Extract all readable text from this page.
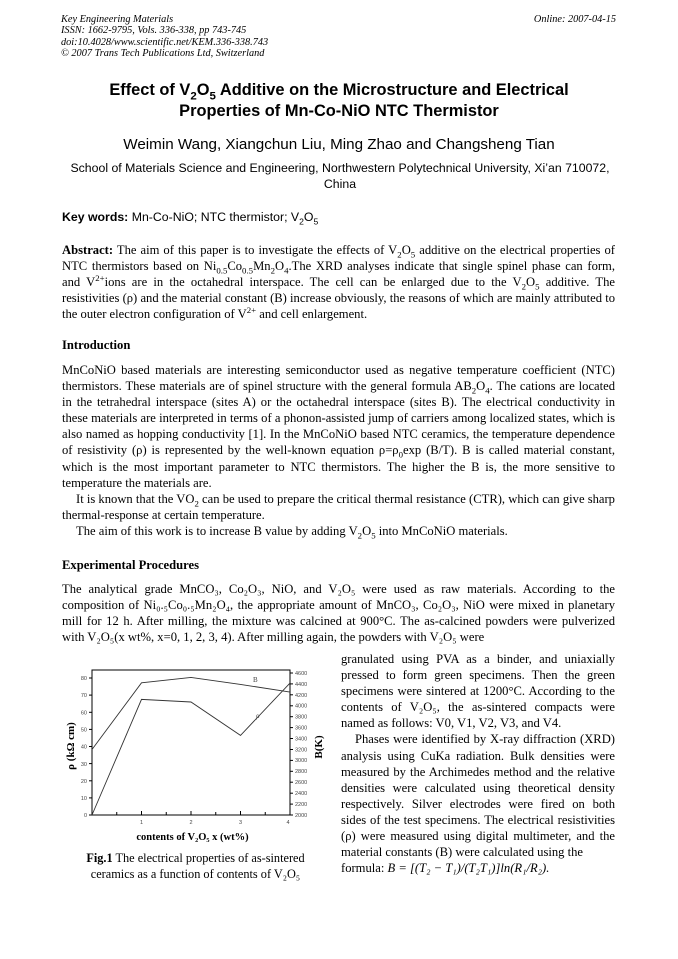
Key Engineering Materials
ISSN: 1662-9795, Vols. 336-338, pp 743-745
doi:10.4028/www.scientific.net/KEM.336-338.743
© 2007 Trans Tech Publications Ltd, Switzerland
Online: 2007-04-15
Effect of $V_2O_5$ Additive on the Microstructure and Electrical
Properties of Mn-Co-NiO NTC Thermistor
Weimin Wang, Xiangchun Liu, Ming Zhao and Changsheng Tian
School of Materials Science and Engineering, Northwestern Polytechnical University, Xi’an 710072, China
Key words: Mn-Co-NiO; NTC thermistor; $V_2O_5$

Abstract: The aim of this paper is to investigate the effects of $V_2O_5$ additive on the electrical properties of NTC thermistors based on $Ni_{0.5}Co_{0.5}Mn_2O_4.The$ XRD analyses indicate that single spinel phase can form, and $V^{2+}ions$ are in the octahedral interspace. The cell can be enlarged due to the $V_2O_5$ additive. The resistivities (ρ) and the material constant (B) increase obviously, the reasons of which are mainly attributed to the outer electron configuration of $V^{2+}$ and cell enlargement.

Introduction

MnCoNiO based materials are interesting semiconductor used as negative temperature coefficient (NTC) thermistors. These materials are of spinel structure with the general formula $AB_2O_4$. The cations are located in the tetrahedral interspace (sites A) or the octahedral interspace (sites B). The electrical conductivity in these materials are interpreted in terms of a phonon-assisted jump of carriers among localized states, which is also named as hopping conductivity [1]. In the MnCoNiO based NTC ceramics, the temperature dependence of resistivity (ρ) is represented by the well-known equation $\rho=\rho_0\exp$ (B/T). B is called material constant, which is the most important parameter to NTC thermistors. The higher the B is, the more sensitive to temperature the materials are.

It is known that the $VO_2$ can be used to prepare the critical thermal resistance (CTR), which can give sharp thermal-response at certain temperature.

The aim of this work is to increase B value by adding $V_2O_5$ into MnCoNiO materials.

Experimental Procedures

The analytical grade MnCO₃, Co₂O₃, NiO, and V₂O₅ were used as raw materials. According to the composition of Ni₀.₅Co₀.₅Mn₂O₄, the appropriate amount of MnCO₃, Co₂O₃, NiO were mixed in planetary mill for 12 h. After milling, the mixture was calcined at 900°C. The as-calcined powders were pulverized with V₂O₅(x wt%, x=0, 1, 2, 3, 4). After milling again, the powders with V₂O₅ were

granulated using PVA as a binder, and uniaxially pressed to form green specimens. Then the green specimens were sintered at 1200°C. According to the contents of V₂O₅, the as-sintered compacts were named as follows: V0, V1, V2, V3, and V4.

Phases were identified by X-ray diffraction (XRD) analysis using CuKa radiation. Bulk densities were measured by the Archimedes method and the relative densities were calculated using theoretical density respectively. Silver electrodes were fired on both sides of the test specimens. The electrical resistivities (ρ) were measured using digital multimeter, and the material constants (B) were calculated using the

formula: B = [(T₂ − T₁)/(T₂T₁)]ln(R₁/R₂).

0
10
20
30
40
50
60
70
80
2000
2200
2400
2600
2800
3000
3200
3400
3600
3800
4000
4200
4400
4600
1	2	3	4
B
ρ
ρ (kΩ cm)	B(K)
contents of V₂O₅ x (wt%)
Fig.1 The electrical properties of as-sintered ceramics as a function of contents of V₂O₅
